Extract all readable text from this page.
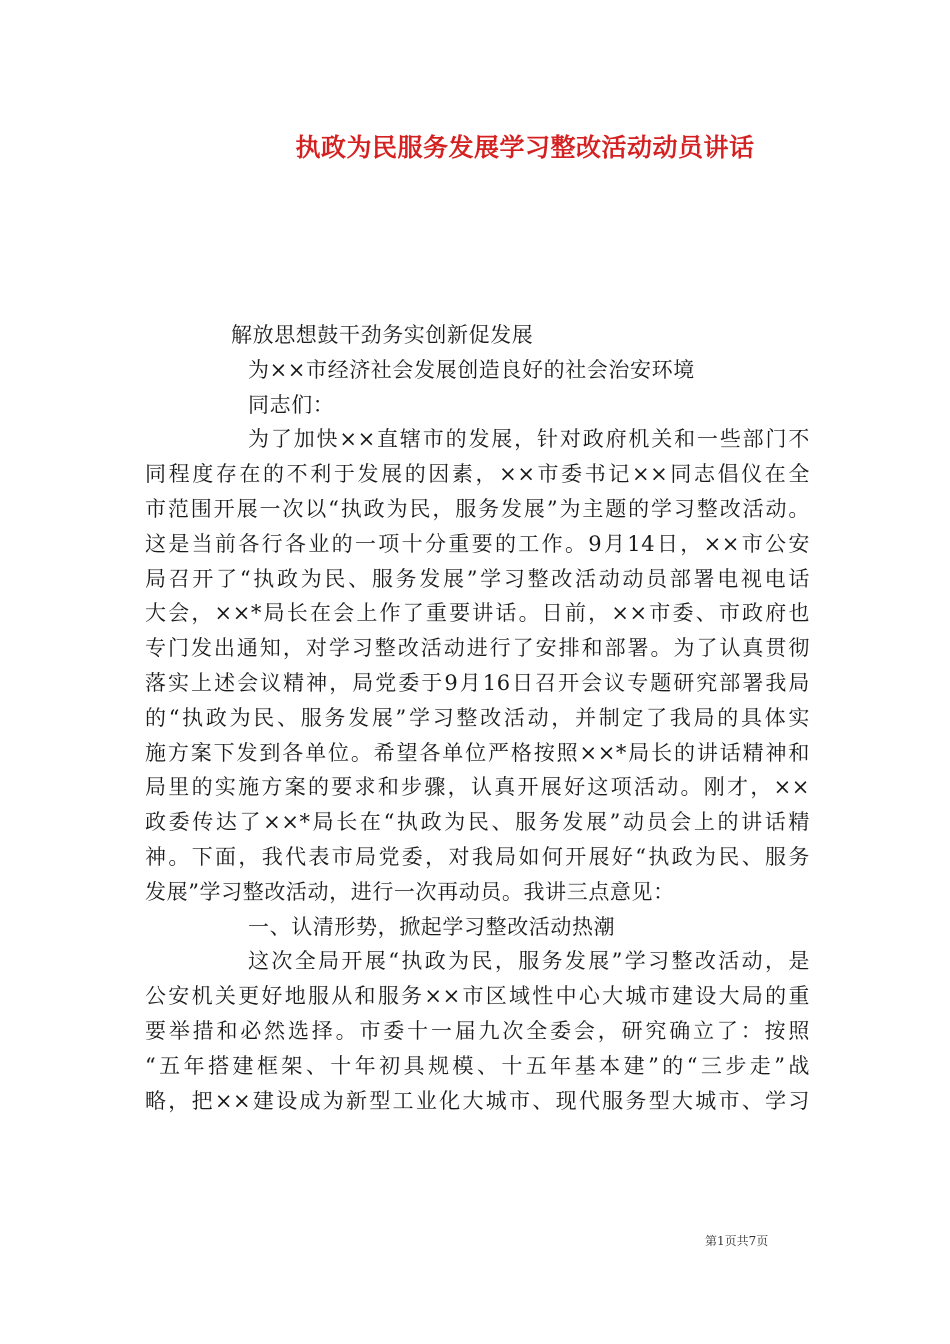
执政为民服务发展学习整改活动动员讲话
解放思想鼓干劲务实创新促发展
为××市经济社会发展创造良好的社会治安环境
同志们：
为了加快××直辖市的发展，针对政府机关和一些部门不
同程度存在的不利于发展的因素，××市委书记××同志倡仪在全
市范围开展一次以“执政为民，服务发展”为主题的学习整改活动。
这是当前各行各业的一项十分重要的工作。9月14日，××市公安
局召开了“执政为民、服务发展”学习整改活动动员部署电视电话
大会，××*局长在会上作了重要讲话。日前，××市委、市政府也
专门发出通知，对学习整改活动进行了安排和部署。为了认真贯彻
落实上述会议精神，局党委于9月16日召开会议专题研究部署我局
的“执政为民、服务发展”学习整改活动，并制定了我局的具体实
施方案下发到各单位。希望各单位严格按照××*局长的讲话精神和
局里的实施方案的要求和步骤，认真开展好这项活动。刚才，××
政委传达了××*局长在“执政为民、服务发展”动员会上的讲话精
神。下面，我代表市局党委，对我局如何开展好“执政为民、服务
发展”学习整改活动，进行一次再动员。我讲三点意见：
一、认清形势，掀起学习整改活动热潮
这次全局开展“执政为民，服务发展”学习整改活动，是
公安机关更好地服从和服务××市区域性中心大城市建设大局的重
要举措和必然选择。市委十一届九次全委会，研究确立了：按照
“五年搭建框架、十年初具规模、十五年基本建”的“三步走”战
略，把××建设成为新型工业化大城市、现代服务型大城市、学习
第1页共7页
